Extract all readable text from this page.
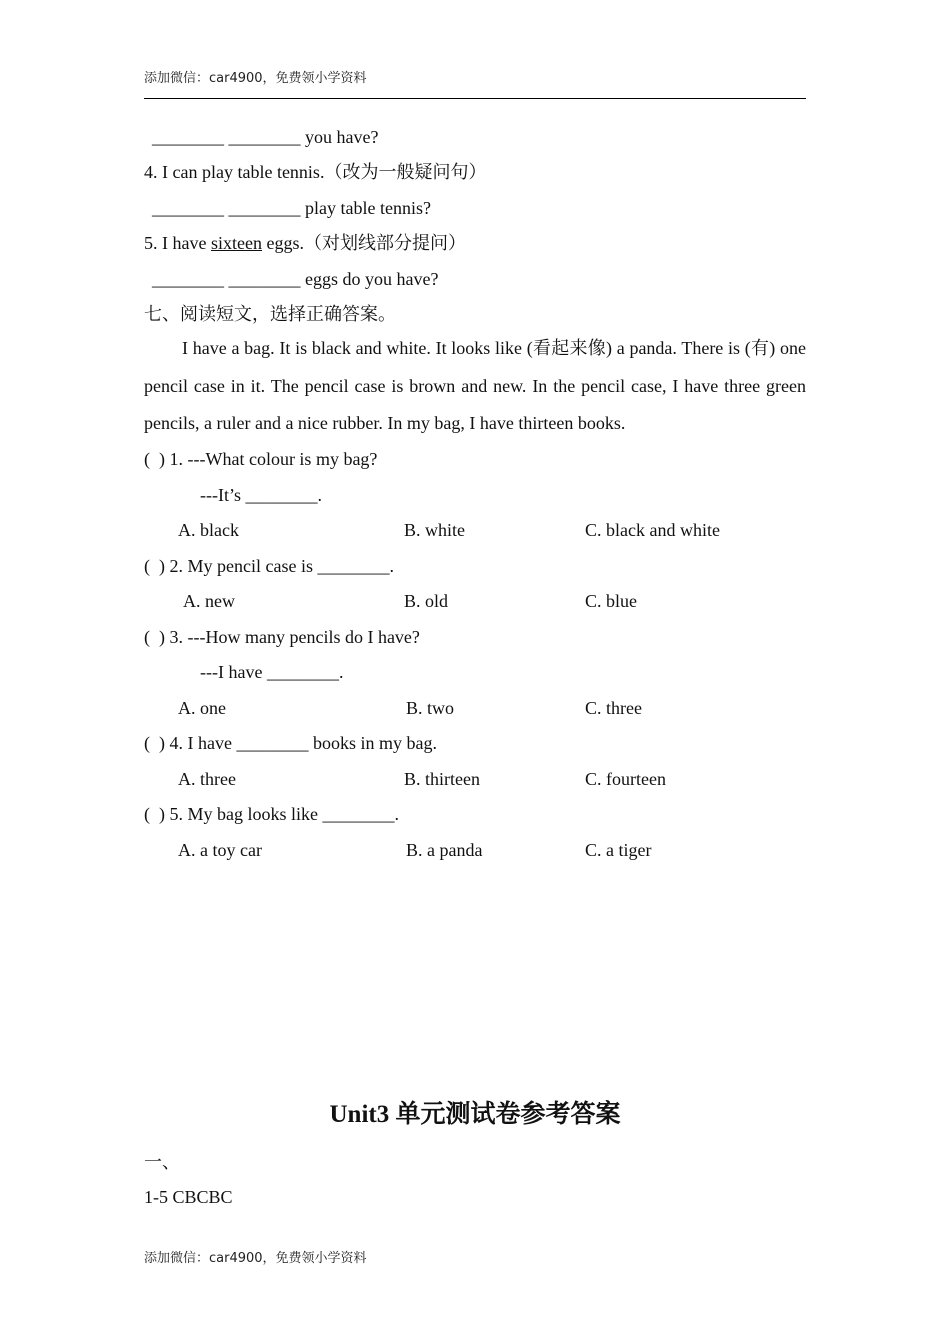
添加微信：car4900，免费领小学资料
________ ________ you have?
4. I can play table tennis.（改为一般疑问句）
________ ________ play table tennis?
5. I have sixteen eggs.（对划线部分提问）
________ ________ eggs do you have?
七、阅读短文，选择正确答案。
I have a bag. It is black and white. It looks like (看起来像) a panda. There is (有) one pencil case in it. The pencil case is brown and new. In the pencil case, I have three green pencils, a ruler and a nice rubber. In my bag, I have thirteen books.
(  ) 1. ---What colour is my bag?
---It’s ________.
A. black	B. white	C. black and white
(  ) 2. My pencil case is ________.
A. new	B. old	C. blue
(  ) 3. ---How many pencils do I have?
---I have ________.
A. one	B. two	C. three
(  ) 4. I have ________ books in my bag.
A. three	B. thirteen	C. fourteen
(  ) 5. My bag looks like ________.
A. a toy car	B. a panda	C. a tiger
Unit3 单元测试卷参考答案
一、
1-5 CBCBC
添加微信：car4900，免费领小学资料
